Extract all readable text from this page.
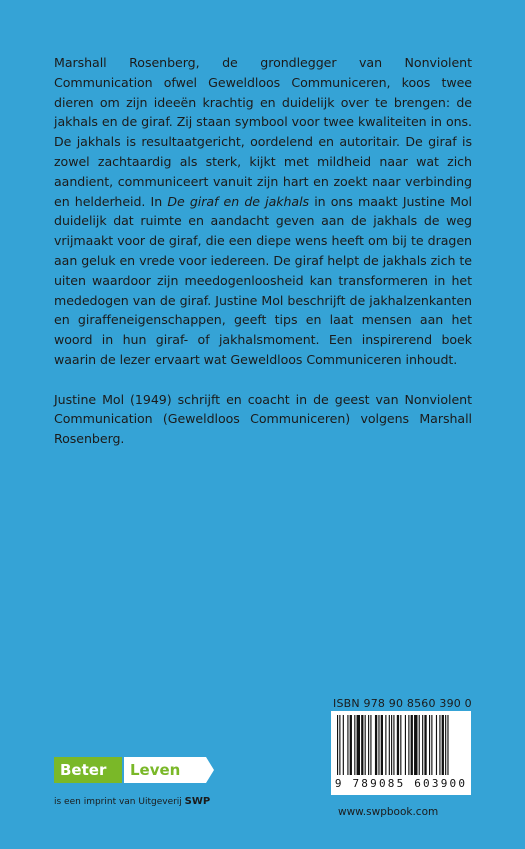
Marshall Rosenberg, de grondlegger van Nonviolent Communication ofwel Geweldloos Communiceren, koos twee dieren om zijn ideeën krachtig en duidelijk over te brengen: de jakhals en de giraf. Zij staan symbool voor twee kwaliteiten in ons. De jakhals is resultaatgericht, oordelend en autoritair. De giraf is zowel zachtaardig als sterk, kijkt met mildheid naar wat zich aandient, communiceert vanuit zijn hart en zoekt naar verbinding en helderheid. In De giraf en de jakhals in ons maakt Justine Mol duidelijk dat ruimte en aandacht geven aan de jakhals de weg vrijmaakt voor de giraf, die een diepe wens heeft om bij te dragen aan geluk en vrede voor iedereen. De giraf helpt de jakhals zich te uiten waardoor zijn meedogenloosheid kan transformeren in het mededogen van de giraf. Justine Mol beschrijft de jakhalzenkanten en giraffeneigenschappen, geeft tips en laat mensen aan het woord in hun giraf- of jakhalsmoment. Een inspirerend boek waarin de lezer ervaart wat Geweldloos Communiceren inhoudt.

Justine Mol (1949) schrijft en coacht in de geest van Nonviolent Communication (Geweldloos Communiceren) volgens Marshall Rosenberg.

ISBN 978 90 8560 390 0
9 789085 603900
www.swpbook.com
Beter	Leven
is een imprint van Uitgeverij SWP
